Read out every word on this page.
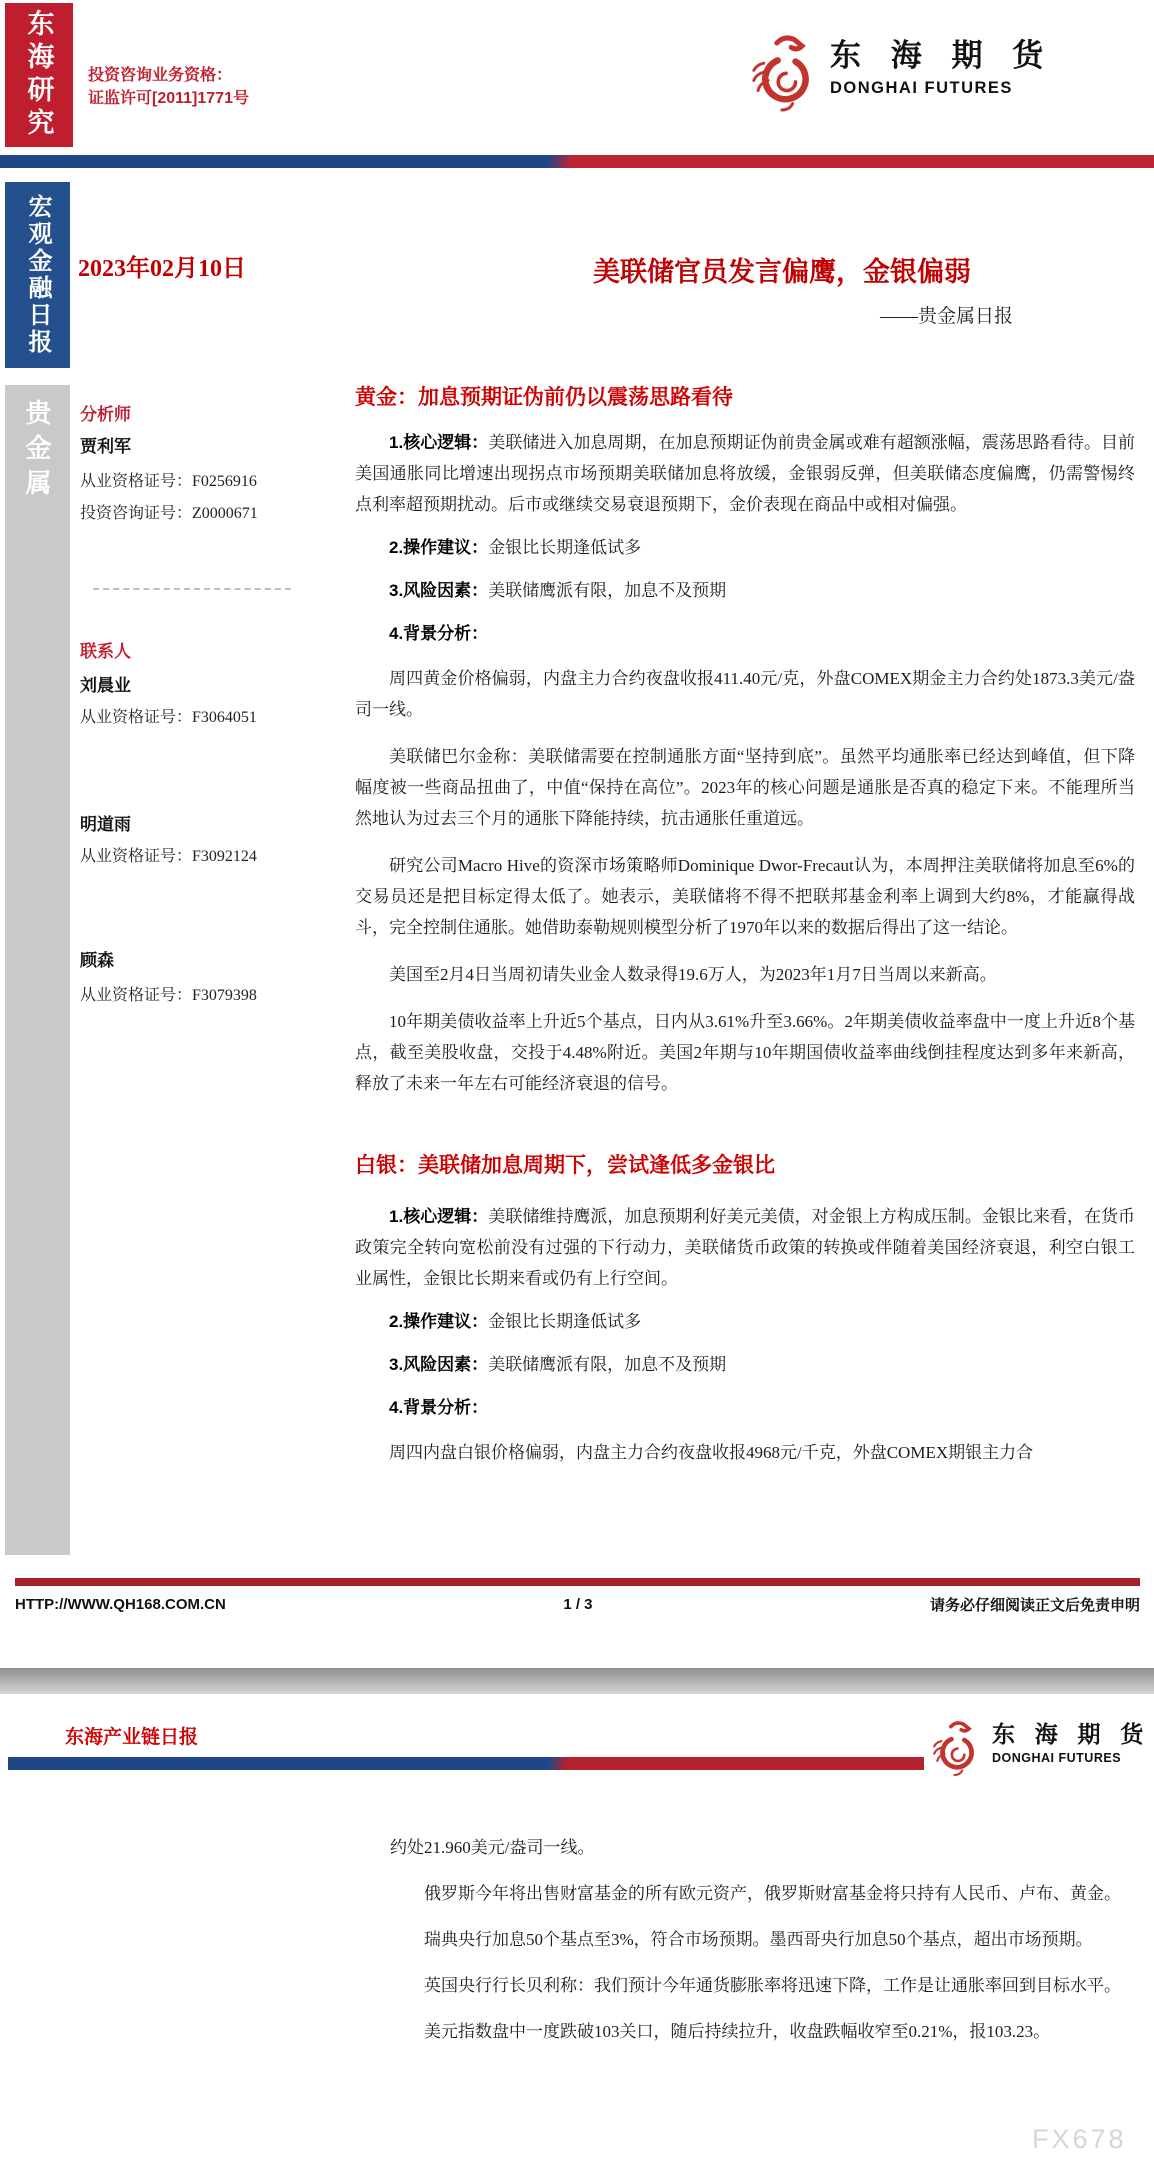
东海研究	投资咨询业务资格：
证监许可[2011]1771号
东 海 期 货
DONGHAI FUTURES
宏观金融日报 2023年02月10日	美联储官员发言偏鹰，金银偏弱
——贵金属日报
贵金属 分析师
贾利军
从业资格证号：F0256916
投资咨询证号：Z0000671
联系人
刘晨业
从业资格证号：F3064051
明道雨
从业资格证号：F3092124
顾森
从业资格证号：F3079398
黄金：加息预期证伪前仍以震荡思路看待

1.核心逻辑：美联储进入加息周期，在加息预期证伪前贵金属或难有超额涨幅，震荡思路看待。目前美国通胀同比增速出现拐点市场预期美联储加息将放缓，金银弱反弹，但美联储态度偏鹰，仍需警惕终点利率超预期扰动。后市或继续交易衰退预期下，金价表现在商品中或相对偏强。

2.操作建议：金银比长期逢低试多

3.风险因素：美联储鹰派有限，加息不及预期

4.背景分析：

周四黄金价格偏弱，内盘主力合约夜盘收报411.40元/克，外盘COMEX期金主力合约处1873.3美元/盎司一线。

美联储巴尔金称：美联储需要在控制通胀方面“坚持到底”。虽然平均通胀率已经达到峰值，但下降幅度被一些商品扭曲了，中值“保持在高位”。2023年的核心问题是通胀是否真的稳定下来。不能理所当然地认为过去三个月的通胀下降能持续，抗击通胀任重道远。

研究公司Macro Hive的资深市场策略师Dominique Dwor-Frecaut认为，本周押注美联储将加息至6%的交易员还是把目标定得太低了。她表示，美联储将不得不把联邦基金利率上调到大约8%，才能赢得战斗，完全控制住通胀。她借助泰勒规则模型分析了1970年以来的数据后得出了这一结论。

美国至2月4日当周初请失业金人数录得19.6万人，为2023年1月7日当周以来新高。

10年期美债收益率上升近5个基点，日内从3.61%升至3.66%。2年期美债收益率盘中一度上升近8个基点，截至美股收盘，交投于4.48%附近。美国2年期与10年期国债收益率曲线倒挂程度达到多年来新高，释放了未来一年左右可能经济衰退的信号。

白银：美联储加息周期下，尝试逢低多金银比

1.核心逻辑：美联储维持鹰派，加息预期利好美元美债，对金银上方构成压制。金银比来看，在货币政策完全转向宽松前没有过强的下行动力，美联储货币政策的转换或伴随着美国经济衰退，利空白银工业属性，金银比长期来看或仍有上行空间。

2.操作建议：金银比长期逢低试多

3.风险因素：美联储鹰派有限，加息不及预期

4.背景分析：

周四内盘白银价格偏弱，内盘主力合约夜盘收报4968元/千克，外盘COMEX期银主力合

HTTP://WWW.QH168.COM.CN	1 / 3	请务必仔细阅读正文后免责申明
东海产业链日报	东 海 期 货
DONGHAI FUTURES

约处21.960美元/盎司一线。

俄罗斯今年将出售财富基金的所有欧元资产，俄罗斯财富基金将只持有人民币、卢布、黄金。

瑞典央行加息50个基点至3%，符合市场预期。墨西哥央行加息50个基点，超出市场预期。

英国央行行长贝利称：我们预计今年通货膨胀率将迅速下降，工作是让通胀率回到目标水平。

美元指数盘中一度跌破103关口，随后持续拉升，收盘跌幅收窄至0.21%，报103.23。

FX678
